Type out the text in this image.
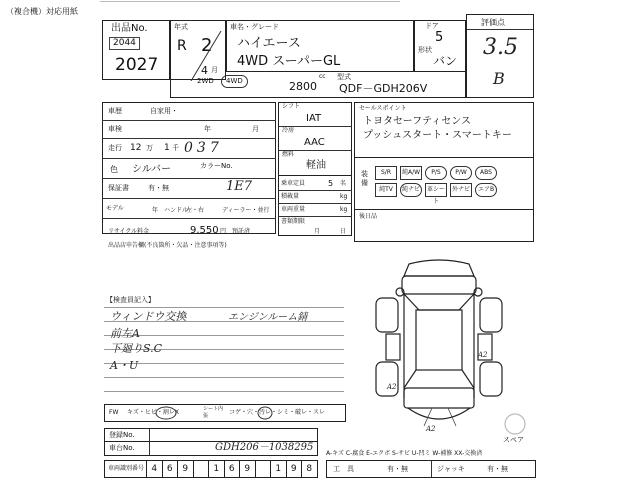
（複合機）対応用紙
出品No.
2044
2027
年式
R 2
4 月
車名・グレード
ハイエース
4WD スーパーGL
ドア
5
形状
バン
評価点
3.5
B
2WD	4WD	2800
cc 型式
QDF－GDH206V
車歴	自家用・
車検	年	月
走行 12 万 1 千 037
色 シルバー	カラーNo.
保証書	有・無	1E7
モデル	年 ハンドル
左・右	ディーラー・並行
リサイクル料金	9,550 円 預託済
出品店申告欄(不良箇所・欠品・注意事項等)
シフト
IAT
冷房
AAC
燃料
軽油
乗車定員	5 名
積載量	kg
車両重量	kg
書類期限
月	日
セールスポイント
トヨタセーフティセンス
プッシュスタート・スマートキー
装備
S/R	純A/W	P/S	P/W	ABS
純TV	純ナビ	革シート
外ナビ	エアB
後日品
【検査員記入】
ウィンドウ交換
前左A
下廻りS.C
A・U
エンジンルーム錆
FW キズ・ヒビ・割レX	シート内張	コゲ・穴・汚レ・シミ・破レ・スレ
A2
A2
A2
スペア
登録No.
車台No.	GDH206－1038295
車両識別番号 4	6	9	1	6	9	1	9	8
A-キズ C-腐食 E-エクボ S-サビ U-凹ミ W-補修 XX-交換済
工　具	有・無	ジャッキ	有・無
